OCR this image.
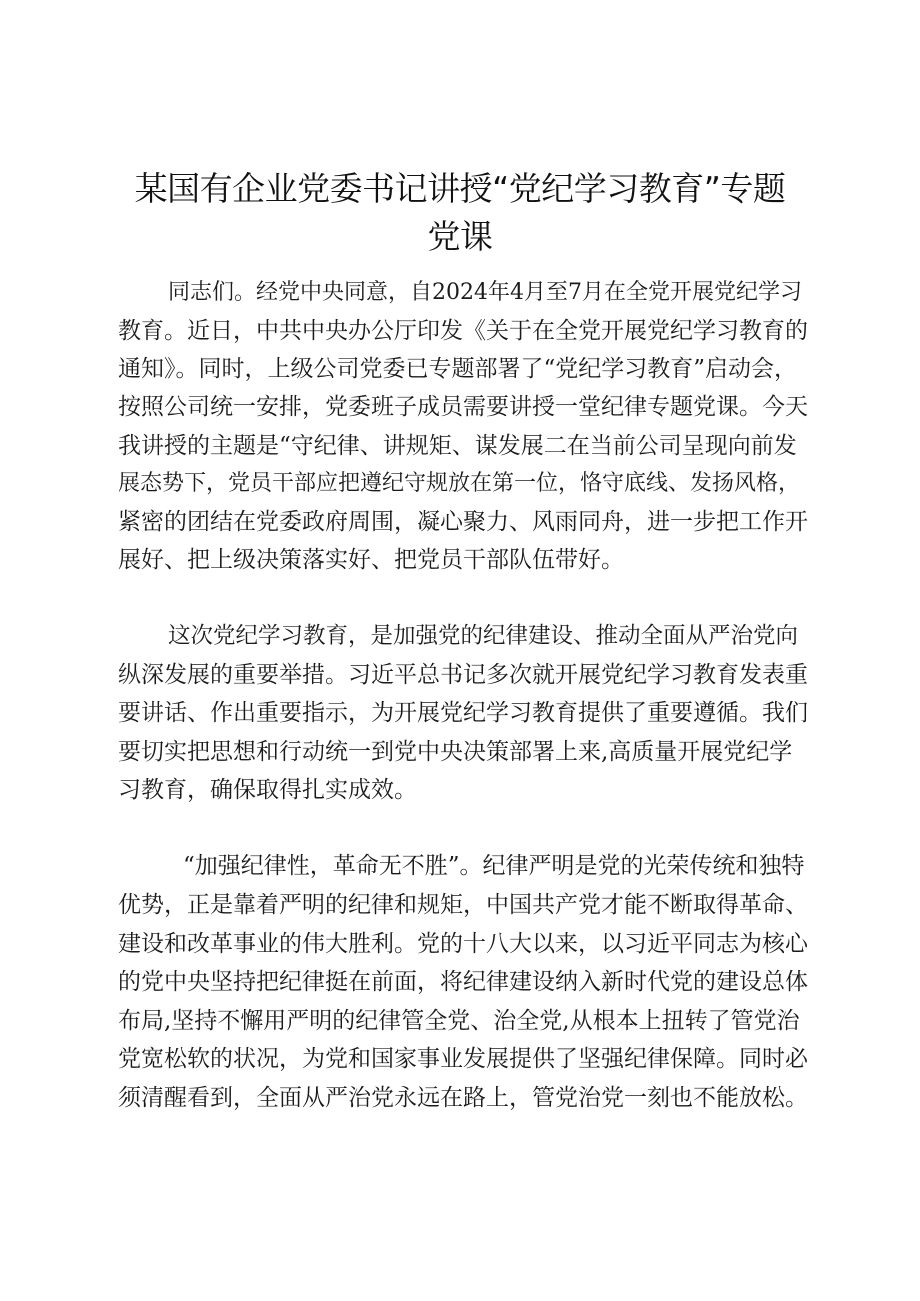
某国有企业党委书记讲授“党纪学习教育”专题
党课
同志们。经党中央同意，自2024年4月至7月在全党开展党纪学习
教育。近日，中共中央办公厅印发《关于在全党开展党纪学习教育的
通知》。同时，上级公司党委已专题部署了“党纪学习教育”启动会，
按照公司统一安排，党委班子成员需要讲授一堂纪律专题党课。今天
我讲授的主题是“守纪律、讲规矩、谋发展二在当前公司呈现向前发
展态势下，党员干部应把遵纪守规放在第一位，恪守底线、发扬风格，
紧密的团结在党委政府周围，凝心聚力、风雨同舟，进一步把工作开
展好、把上级决策落实好、把党员干部队伍带好。
这次党纪学习教育，是加强党的纪律建设、推动全面从严治党向
纵深发展的重要举措。习近平总书记多次就开展党纪学习教育发表重
要讲话、作出重要指示，为开展党纪学习教育提供了重要遵循。我们
要切实把思想和行动统一到党中央决策部署上来,高质量开展党纪学
习教育，确保取得扎实成效。
“加强纪律性，革命无不胜”。纪律严明是党的光荣传统和独特
优势，正是靠着严明的纪律和规矩，中国共产党才能不断取得革命、
建设和改革事业的伟大胜利。党的十八大以来，以习近平同志为核心
的党中央坚持把纪律挺在前面，将纪律建设纳入新时代党的建设总体
布局,坚持不懈用严明的纪律管全党、治全党,从根本上扭转了管党治
党宽松软的状况，为党和国家事业发展提供了坚强纪律保障。同时必
须清醒看到，全面从严治党永远在路上，管党治党一刻也不能放松。
